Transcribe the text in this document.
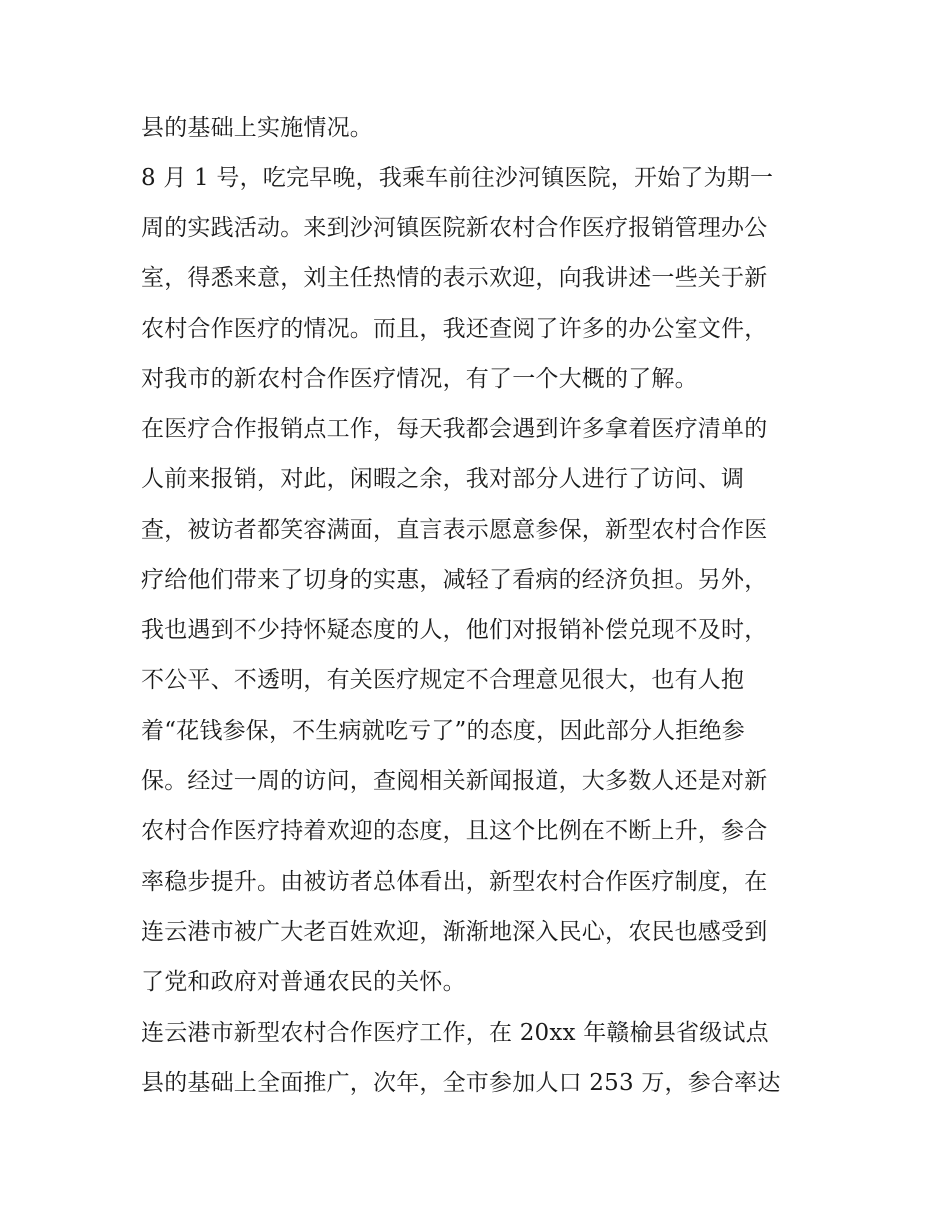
县的基础上实施情况。
8 月 1 号，吃完早晚，我乘车前往沙河镇医院，开始了为期一
周的实践活动。来到沙河镇医院新农村合作医疗报销管理办公
室，得悉来意，刘主任热情的表示欢迎，向我讲述一些关于新
农村合作医疗的情况。而且，我还查阅了许多的办公室文件，
对我市的新农村合作医疗情况，有了一个大概的了解。
在医疗合作报销点工作，每天我都会遇到许多拿着医疗清单的
人前来报销，对此，闲暇之余，我对部分人进行了访问、调
查，被访者都笑容满面，直言表示愿意参保，新型农村合作医
疗给他们带来了切身的实惠，减轻了看病的经济负担。另外，
我也遇到不少持怀疑态度的人，他们对报销补偿兑现不及时，
不公平、不透明，有关医疗规定不合理意见很大，也有人抱
着“花钱参保，不生病就吃亏了”的态度，因此部分人拒绝参
保。经过一周的访问，查阅相关新闻报道，大多数人还是对新
农村合作医疗持着欢迎的态度，且这个比例在不断上升，参合
率稳步提升。由被访者总体看出，新型农村合作医疗制度，在
连云港市被广大老百姓欢迎，渐渐地深入民心，农民也感受到
了党和政府对普通农民的关怀。
连云港市新型农村合作医疗工作，在 20xx 年赣榆县省级试点
县的基础上全面推广，次年，全市参加人口 253 万，参合率达
